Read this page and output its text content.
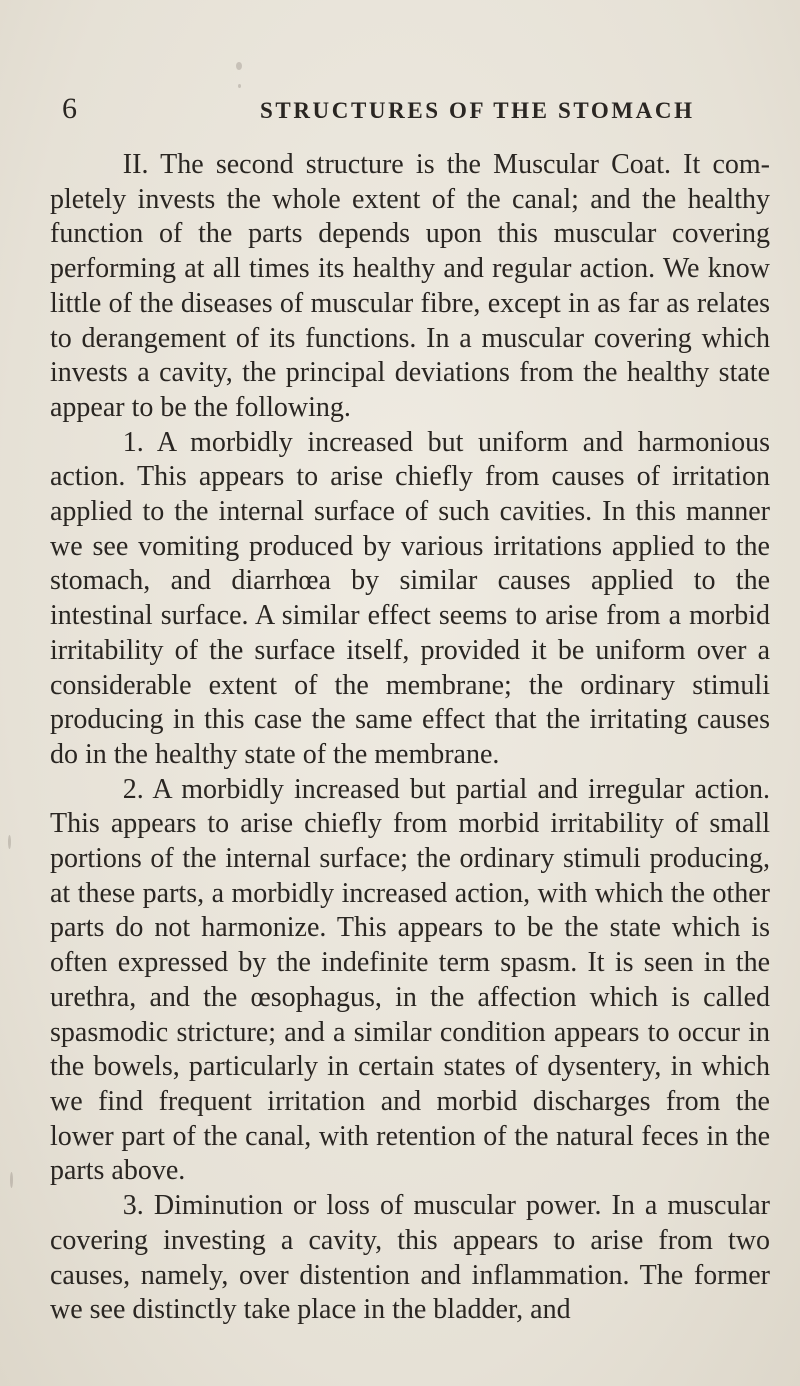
6	STRUCTURES OF THE STOMACH

II. The second structure is the Muscular Coat. It completely invests the whole extent of the canal; and the healthy function of the parts depends upon this muscular covering performing at all times its healthy and regular action. We know little of the diseases of muscular fibre, except in as far as relates to derangement of its functions. In a muscular covering which invests a cavity, the principal deviations from the healthy state appear to be the following.

1. A morbidly increased but uniform and harmonious action. This appears to arise chiefly from causes of irritation applied to the internal surface of such cavities. In this manner we see vomiting produced by various irritations applied to the stomach, and diarrhœa by similar causes applied to the intestinal surface. A similar effect seems to arise from a morbid irritability of the surface itself, provided it be uniform over a considerable extent of the membrane; the ordinary stimuli producing in this case the same effect that the irritating causes do in the healthy state of the membrane.

2. A morbidly increased but partial and irregular action. This appears to arise chiefly from morbid irritability of small portions of the internal surface; the ordinary stimuli producing, at these parts, a morbidly increased action, with which the other parts do not harmonize. This appears to be the state which is often expressed by the indefinite term spasm. It is seen in the urethra, and the œsophagus, in the affection which is called spasmodic stricture; and a similar condition appears to occur in the bowels, particularly in certain states of dysentery, in which we find frequent irritation and morbid discharges from the lower part of the canal, with retention of the natural feces in the parts above.

3. Diminution or loss of muscular power. In a muscular covering investing a cavity, this appears to arise from two causes, namely, over distention and inflammation. The former we see distinctly take place in the bladder, and
